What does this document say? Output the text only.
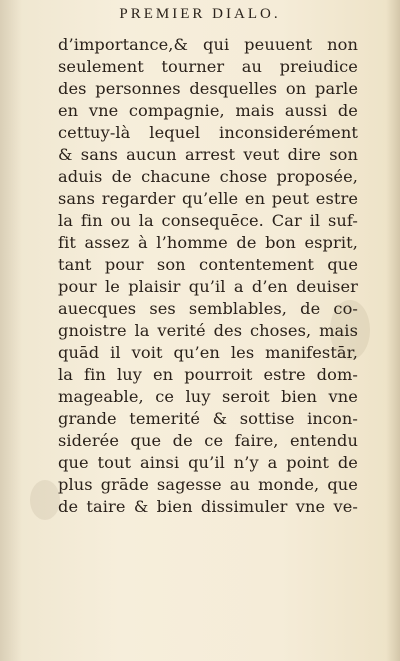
PREMIER DIALO.
d’importance,& qui peuuent non
seulement tourner au preiudice
des personnes desquelles on parle
en vne compagnie, mais aussi de
cettuy-là lequel inconsiderément
& sans aucun arrest veut dire son
aduis de chacune chose proposée,
sans regarder qu’elle en peut estre
la fin ou la consequēce. Car il suf-
fit assez à l’homme de bon esprit,
tant pour son contentement que
pour le plaisir qu’il a d’en deuiser
auecques ses semblables, de co-
gnoistre la verité des choses, mais
quād il voit qu’en les manifestār,
la fin luy en pourroit estre dom-
mageable, ce luy seroit bien vne
grande temerité & sottise incon-
siderée que de ce faire, entendu
que tout ainsi qu’il n’y a point de
plus grāde sagesse au monde, que
de taire & bien dissimuler vne ve-
